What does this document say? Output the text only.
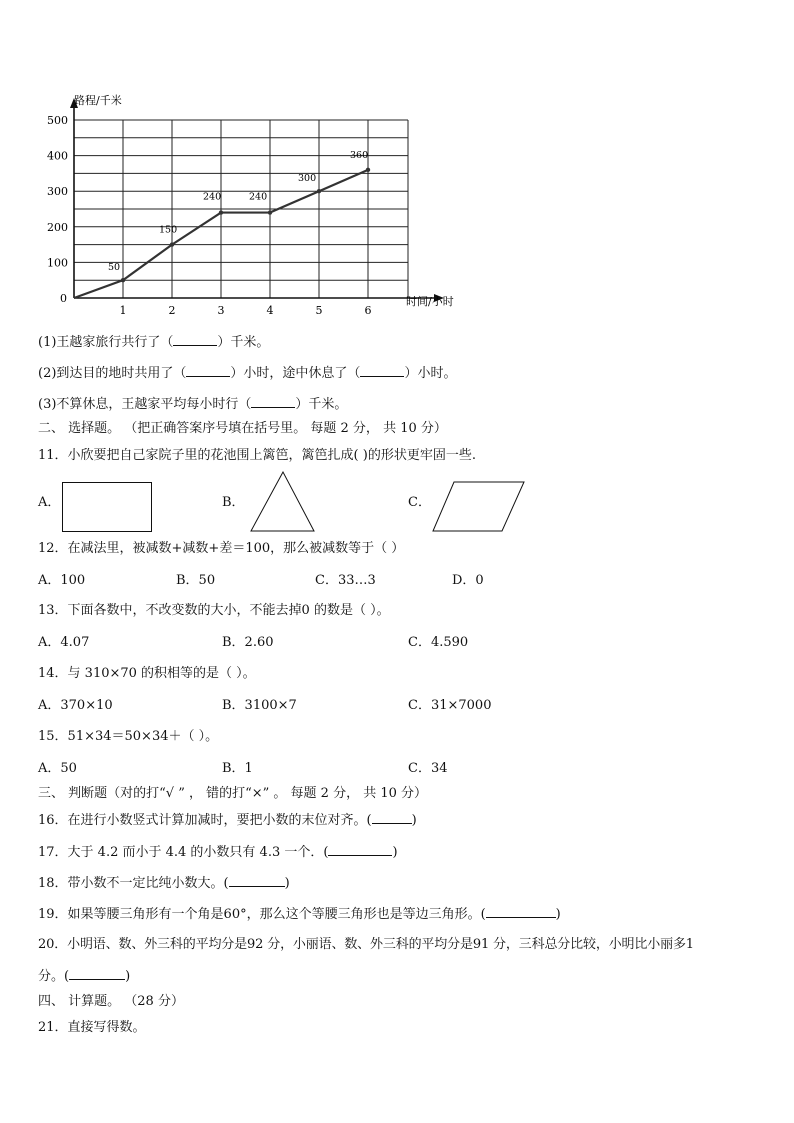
1	2	3	4	5	6
100
200
300
400
500
50
150
240	240
300
360
路程/千米
时间/小时
0
(1)王越家旅行共行了（	）千米。
(2)到达目的地时共用了（	）小时，途中休息了（	）小时。
(3)不算休息，王越家平均每小时行（	）千米。
二、 选择题。 （把正确答案序号填在括号里。 每题 2 分， 共 10 分）
11．小欣要把自己家院子里的花池围上篱笆，篱笆扎成( )的形状更牢固一些.
A．	B．	C．
12．在减法里，被减数+减数+差＝100，那么被减数等于（ ）
A．100	B．50	C．33…3	D．0
13．下面各数中，不改变数的大小，不能去掉0 的数是（ ）。
A．4.07	B．2.60	C．4.590
14．与 310×70 的积相等的是（ ）。
A．370×10	B．3100×7	C．31×7000
15．51×34＝50×34＋（ ）。
A．50	B．1	C．34
三、 判断题（对的打“√ ” ， 错的打“×” 。 每题 2 分， 共 10 分）
16．在进行小数竖式计算加减时，要把小数的末位对齐。(	)
17．大于 4.2 而小于 4.4 的小数只有 4.3 一个．(	)
18．带小数不一定比纯小数大。(	)
19．如果等腰三角形有一个角是60°，那么这个等腰三角形也是等边三角形。(	)
20．小明语、数、外三科的平均分是92 分，小丽语、数、外三科的平均分是91 分，三科总分比较，小明比小丽多1
分。(	)
四、 计算题。 （28 分）
21．直接写得数。
